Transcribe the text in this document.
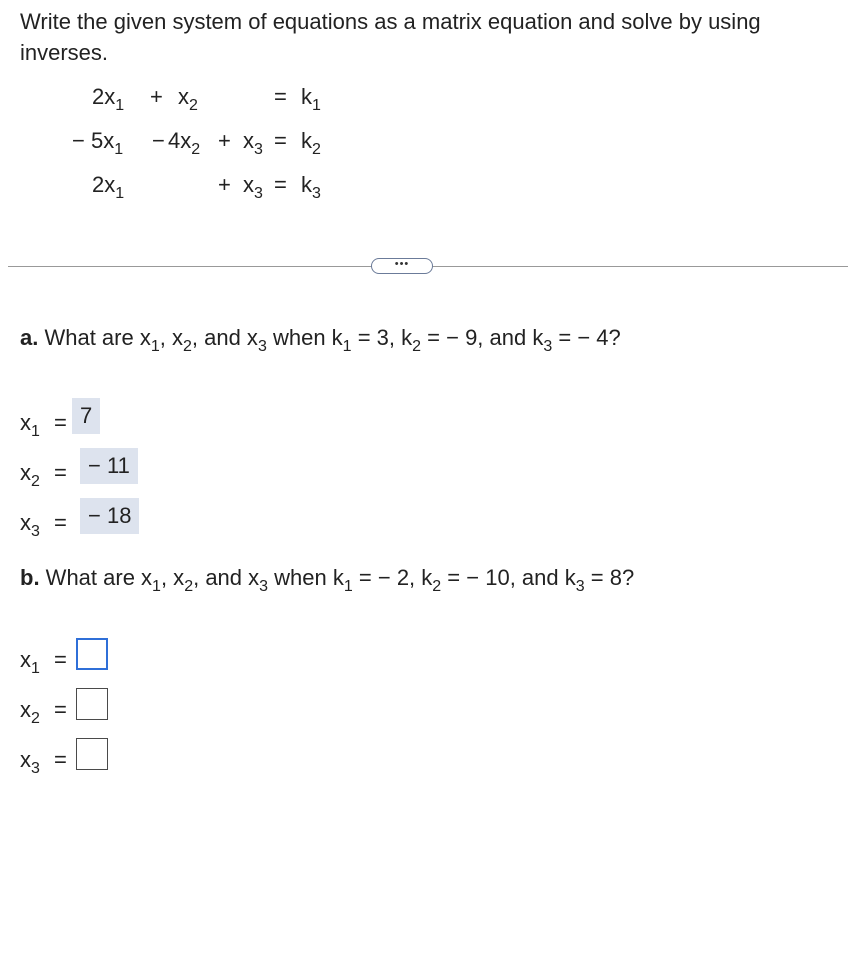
Write the given system of equations as a matrix equation and solve by using inverses.
$2x_1 + x_2$	= $k_1$
− $5x_1 - 4x_2 + x_3 = k_2$
$2x_1$	+ $x_3 = k_3$
•••
a. What are $x_1$, $x_2$, and $x_3$ when $k_1 = 3$, $k_2$ = − 9, and $k_3$ = − 4?
$x_1 = 7$
$x_2$ = − 11
$x_3$ = − 18
b. What are $x_1$, $x_2$, and $x_3$ when $k_1$ = − 2, $k_2$ = − 10, and $k_3 = 8$?
$x_1$ =
$x_2$ =
$x_3$ =
